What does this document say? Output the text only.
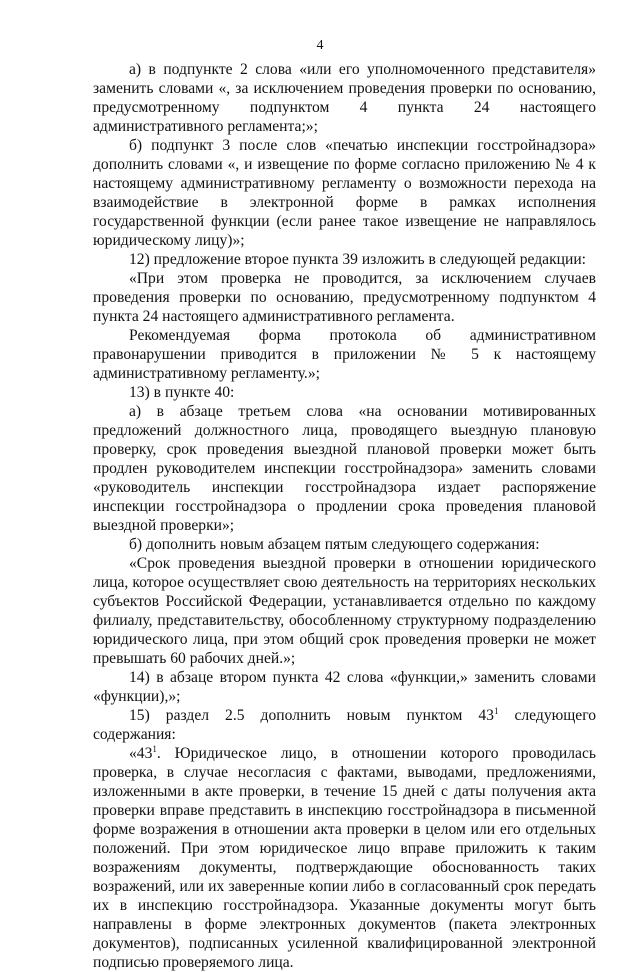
4

а) в подпункте 2 слова «или его уполномоченного представителя» заменить словами «, за исключением проведения проверки по основанию, предусмотренному подпунктом 4 пункта 24 настоящего административного регламента;»;

б) подпункт 3 после слов «печатью инспекции госстройнадзора» дополнить словами «, и извещение по форме согласно приложению № 4 к настоящему административному регламенту о возможности перехода на взаимодействие в электронной форме в рамках исполнения государственной функции (если ранее такое извещение не направлялось юридическому лицу)»;

12) предложение второе пункта 39 изложить в следующей редакции:

«При этом проверка не проводится, за исключением случаев проведения проверки по основанию, предусмотренному подпунктом 4 пункта 24 настоящего административного регламента.

Рекомендуемая форма протокола об административном правонарушении приводится в приложении № 5 к настоящему административному регламенту.»;

13) в пункте 40:

а) в абзаце третьем слова «на основании мотивированных предложений должностного лица, проводящего выездную плановую проверку, срок проведения выездной плановой проверки может быть продлен руководителем инспекции госстройнадзора» заменить словами «руководитель инспекции госстройнадзора издает распоряжение инспекции госстройнадзора о продлении срока проведения плановой выездной проверки»;

б) дополнить новым абзацем пятым следующего содержания:

«Срок проведения выездной проверки в отношении юридического лица, которое осуществляет свою деятельность на территориях нескольких субъектов Российской Федерации, устанавливается отдельно по каждому филиалу, представительству, обособленному структурному подразделению юридического лица, при этом общий срок проведения проверки не может превышать 60 рабочих дней.»;

14) в абзаце втором пункта 42 слова «функции,» заменить словами «функции),»;

15) раздел 2.5 дополнить новым пунктом $43^1$ следующего содержания:

«$43^1$. Юридическое лицо, в отношении которого проводилась проверка, в случае несогласия с фактами, выводами, предложениями, изложенными в акте проверки, в течение 15 дней с даты получения акта проверки вправе представить в инспекцию госстройнадзора в письменной форме возражения в отношении акта проверки в целом или его отдельных положений. При этом юридическое лицо вправе приложить к таким возражениям документы, подтверждающие обоснованность таких возражений, или их заверенные копии либо в согласованный срок передать их в инспекцию госстройнадзора. Указанные документы могут быть направлены в форме электронных документов (пакета электронных документов), подписанных усиленной квалифицированной электронной подписью проверяемого лица.
